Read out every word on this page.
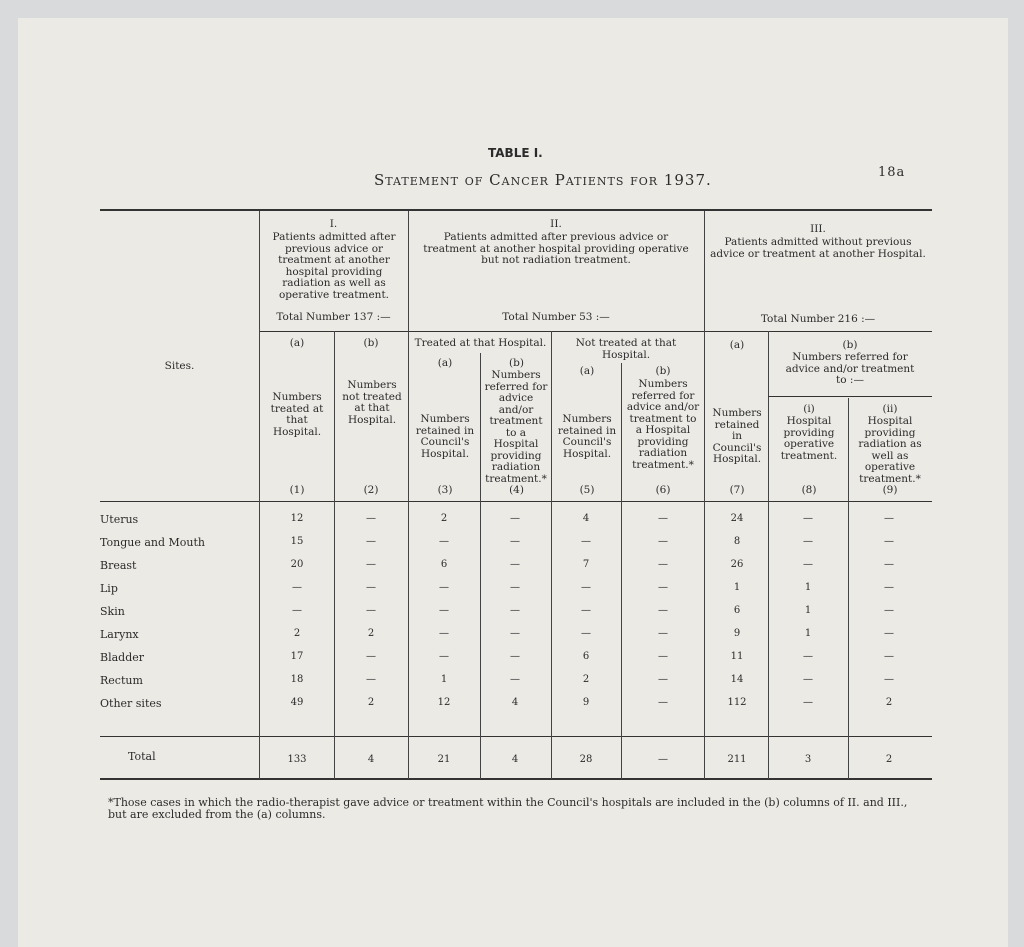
TABLE I.
Statement of Cancer Patients for 1937.	18a
I.
Patients admitted after previous advice or treatment at another hospital providing radiation as well as operative treatment.
Total Number 137 :—
II.
Patients admitted after previous advice or treatment at another hospital providing operative but not radiation treatment.
Total Number 53 :—
III.
Patients admitted without previous advice or treatment at another Hospital.
Total Number 216 :—
Sites.
(a)	(b)
Numbers treated at that Hospital.
Numbers not treated at that Hospital.
Treated at that Hospital.	Not treated at that Hospital.
(a)	(b)
(a)	(b)
Numbers retained in Council's Hospital.
Numbers referred for advice and/or treatment to a Hospital providing radiation treatment.*
Numbers retained in Council's Hospital.
Numbers referred for advice and/or treatment to a Hospital providing radiation treatment.*
(a)	(b)
Numbers retained in Council's Hospital.
Numbers referred for advice and/or treatment to :—
(i)	(ii)
Hospital providing operative treatment.
Hospital providing radiation as well as operative treatment.*
(1)	(2)	(3)	(4)	(5)	(6)	(7)	(8)	(9)
Uterus	12	—	2	—	4	—	24	—	—
Tongue and Mouth	15	—	—	—	—	—	8	—	—
Breast	20	—	6	—	7	—	26	—	—
Lip	—	—	—	—	—	—	1	1	—
Skin	—	—	—	—	—	—	6	1	—
Larynx	2	2	—	—	—	—	9	1	—
Bladder	17	—	—	—	6	—	11	—	—
Rectum	18	—	1	—	2	—	14	—	—
Other sites	49	2	12	4	9	—	112	—	2
Total	133	4	21	4	28	—	211	3	2
*Those cases in which the radio-therapist gave advice or treatment within the Council's hospitals are included in the (b) columns of II. and III., but are excluded from the (a) columns.
